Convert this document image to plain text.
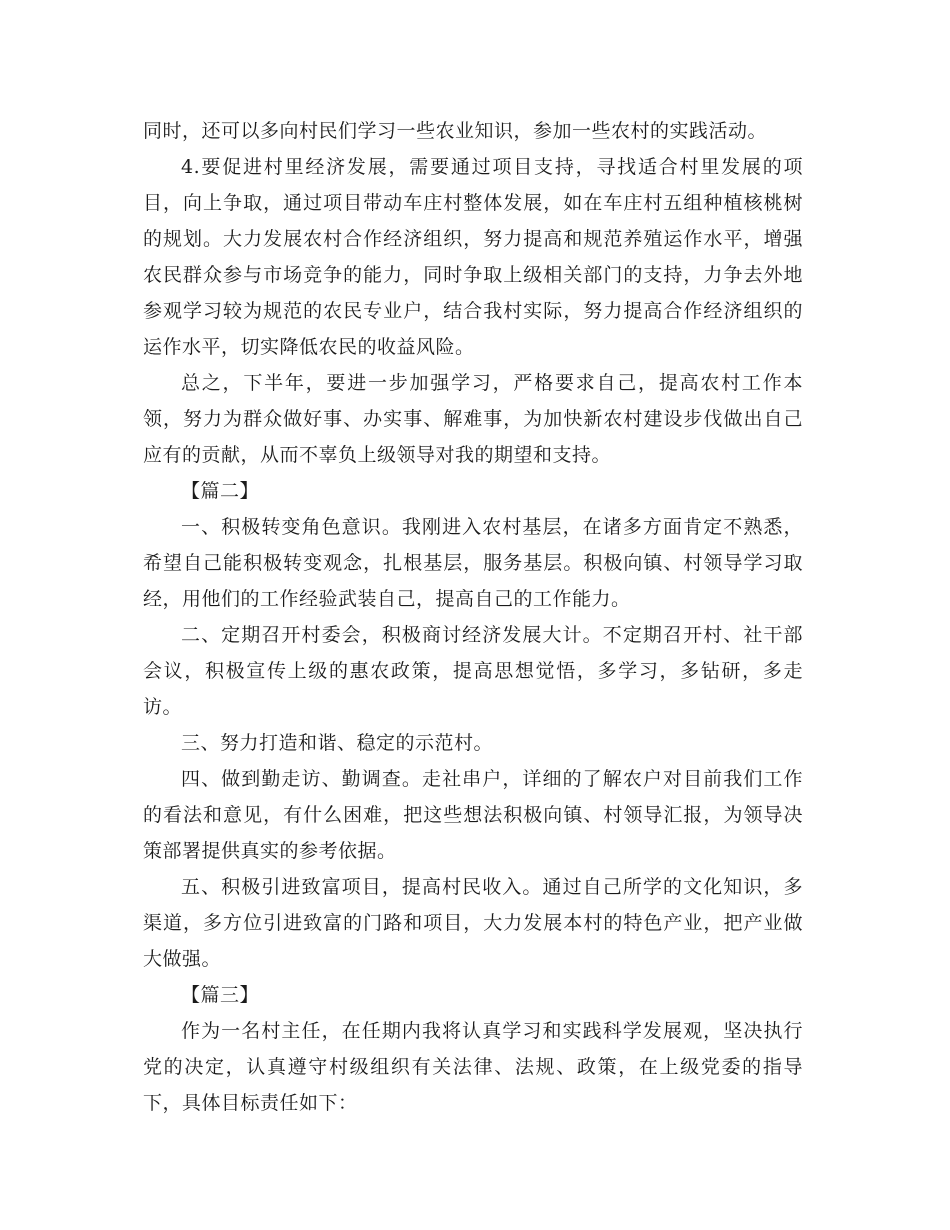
同时，还可以多向村民们学习一些农业知识，参加一些农村的实践活动。

4.要促进村里经济发展，需要通过项目支持，寻找适合村里发展的项目，向上争取，通过项目带动车庄村整体发展，如在车庄村五组种植核桃树的规划。大力发展农村合作经济组织，努力提高和规范养殖运作水平，增强农民群众参与市场竞争的能力，同时争取上级相关部门的支持，力争去外地参观学习较为规范的农民专业户，结合我村实际，努力提高合作经济组织的运作水平，切实降低农民的收益风险。

总之，下半年，要进一步加强学习，严格要求自己，提高农村工作本领，努力为群众做好事、办实事、解难事，为加快新农村建设步伐做出自己应有的贡献，从而不辜负上级领导对我的期望和支持。

【篇二】

一、积极转变角色意识。我刚进入农村基层，在诸多方面肯定不熟悉，希望自己能积极转变观念，扎根基层，服务基层。积极向镇、村领导学习取经，用他们的工作经验武装自己，提高自己的工作能力。

二、定期召开村委会，积极商讨经济发展大计。不定期召开村、社干部会议，积极宣传上级的惠农政策，提高思想觉悟，多学习，多钻研，多走访。

三、努力打造和谐、稳定的示范村。

四、做到勤走访、勤调查。走社串户，详细的了解农户对目前我们工作的看法和意见，有什么困难，把这些想法积极向镇、村领导汇报，为领导决策部署提供真实的参考依据。

五、积极引进致富项目，提高村民收入。通过自己所学的文化知识，多渠道，多方位引进致富的门路和项目，大力发展本村的特色产业，把产业做大做强。

【篇三】

作为一名村主任，在任期内我将认真学习和实践科学发展观，坚决执行党的决定，认真遵守村级组织有关法律、法规、政策，在上级党委的指导下，具体目标责任如下：
